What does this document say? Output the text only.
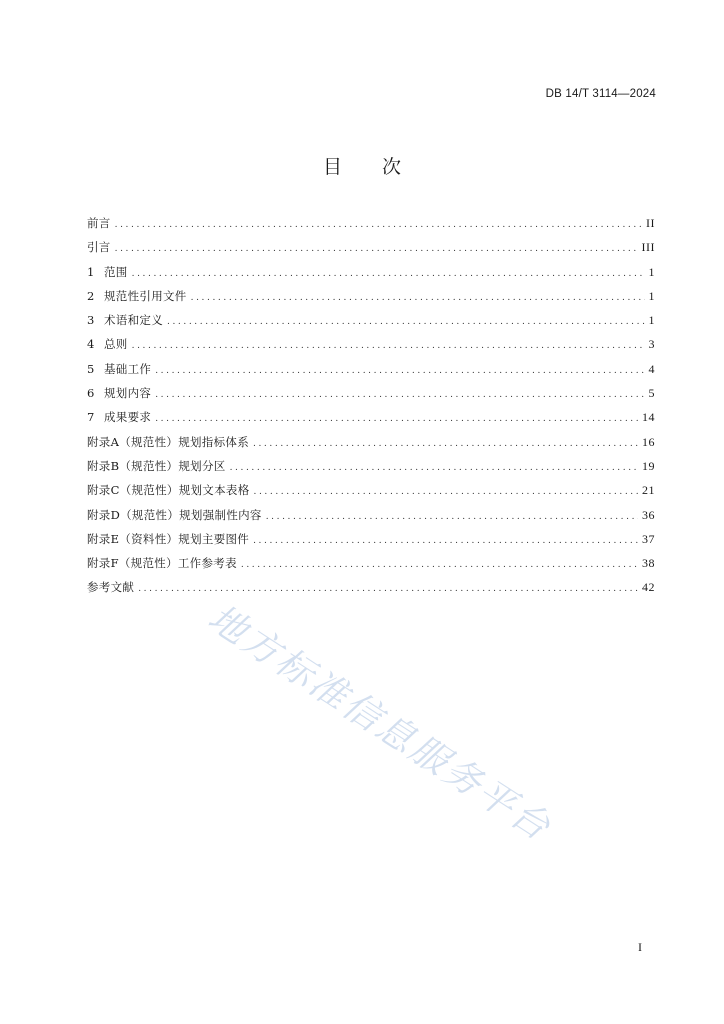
DB 14/T 3114—2024
目 次
前言 .....	II
引言 .....	III
1 范围 .....	1
2 规范性引用文件 .....	1
3 术语和定义 .....	1
4 总则 .....	3
5 基础工作 .....	4
6 规划内容 .....	5
7 成果要求 .....	14
附录A（规范性）规划指标体系 .....	16
附录B（规范性）规划分区 .....	19
附录C（规范性）规划文本表格 .....	21
附录D（规范性）规划强制性内容 .....	36
附录E（资料性）规划主要图件 .....	37
附录F（规范性）工作参考表 .....	38
参考文献 .....	42
地方标准信息服务平台
I
